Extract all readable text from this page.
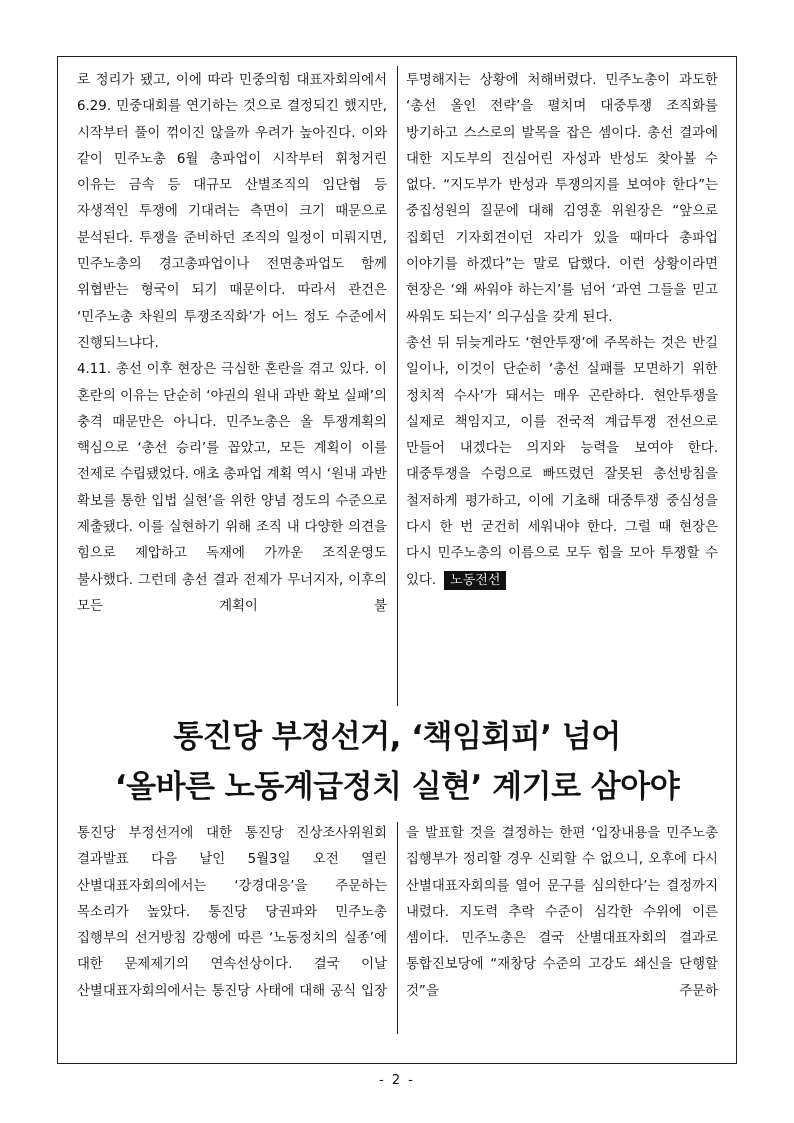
로 정리가 됐고, 이에 따라 민중의힘 대표자회의에서 6.29. 민중대회를 연기하는 것으로 결정되긴 했지만, 시작부터 풀이 꺾이진 않을까 우려가 높아진다. 이와 같이 민주노총 6월 총파업이 시작부터 휘청거린 이유는 금속 등 대규모 산별조직의 임단협 등 자생적인 투쟁에 기대려는 측면이 크기 때문으로 분석된다. 투쟁을 준비하던 조직의 일정이 미뤄지면, 민주노총의 경고총파업이나 전면총파업도 함께 위협받는 형국이 되기 때문이다. 따라서 관건은 ‘민주노총 차원의 투쟁조직화’가 어느 정도 수준에서 진행되느냐다.

4.11. 총선 이후 현장은 극심한 혼란을 겪고 있다. 이 혼란의 이유는 단순히 ‘야권의 원내 과반 확보 실패’의 충격 때문만은 아니다. 민주노총은 올 투쟁계획의 핵심으로 ‘총선 승리’를 꼽았고, 모든 계획이 이를 전제로 수립됐었다. 애초 총파업 계획 역시 ‘원내 과반 확보를 통한 입법 실현’을 위한 양념 정도의 수준으로 제출됐다. 이를 실현하기 위해 조직 내 다양한 의견을 힘으로 제압하고 독재에 가까운 조직운영도 불사했다. 그런데 총선 결과 전제가 무너지자, 이후의 모든 계획이 불

투명해지는 상황에 처해버렸다. 민주노총이 과도한 ‘총선 올인 전략’을 펼치며 대중투쟁 조직화를 방기하고 스스로의 발목을 잡은 셈이다. 총선 결과에 대한 지도부의 진심어린 자성과 반성도 찾아볼 수 없다. “지도부가 반성과 투쟁의지를 보여야 한다”는 중집성원의 질문에 대해 김영훈 위원장은 “앞으로 집회던 기자회견이던 자리가 있을 때마다 총파업 이야기를 하겠다”는 말로 답했다. 이런 상황이라면 현장은 ‘왜 싸워야 하는지’를 넘어 ‘과연 그들을 믿고 싸워도 되는지’ 의구심을 갖게 된다.

총선 뒤 뒤늦게라도 ‘현안투쟁’에 주목하는 것은 반길 일이나, 이것이 단순히 ‘총선 실패를 모면하기 위한 정치적 수사’가 돼서는 매우 곤란하다. 현안투쟁을 실제로 책임지고, 이를 전국적 계급투쟁 전선으로 만들어 내겠다는 의지와 능력을 보여야 한다. 대중투쟁을 수렁으로 빠뜨렸던 잘못된 총선방침을 철저하게 평가하고, 이에 기초해 대중투쟁 중심성을 다시 한 번 굳건히 세워내야 한다. 그럴 때 현장은 다시 민주노총의 이름으로 모두 힘을 모아 투쟁할 수 있다. 노동전선

통진당 부정선거, ‘책임회피’ 넘어
‘올바른 노동계급정치 실현’ 계기로 삼아야

통진당 부정선거에 대한 통진당 진상조사위원회 결과발표 다음 날인 5월3일 오전 열린 산별대표자회의에서는 ‘강경대응’을 주문하는 목소리가 높았다. 통진당 당권파와 민주노총 집행부의 선거방침 강행에 따른 ‘노동정치의 실종’에 대한 문제제기의 연속선상이다. 결국 이날 산별대표자회의에서는 통진당 사태에 대해 공식 입장

을 발표할 것을 결정하는 한편 ‘입장내용을 민주노총 집행부가 정리할 경우 신뢰할 수 없으니, 오후에 다시 산별대표자회의를 열어 문구를 심의한다’는 결정까지 내렸다. 지도력 추락 수준이 심각한 수위에 이른 셈이다. 민주노총은 결국 산별대표자회의 결과로 통합진보당에 “재창당 수준의 고강도 쇄신을 단행할 것”을 주문하

- 2 -
